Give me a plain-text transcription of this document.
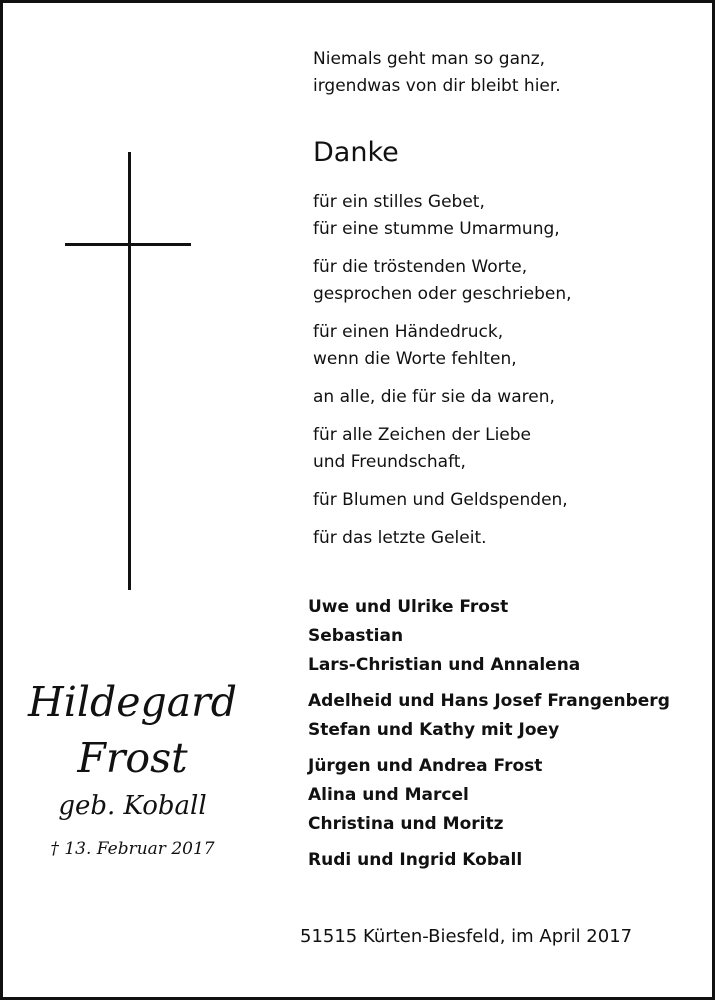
Niemals geht man so ganz,
irgendwas von dir bleibt hier.
Danke
für ein stilles Gebet,
für eine stumme Umarmung,
für die tröstenden Worte,
gesprochen oder geschrieben,
für einen Händedruck,
wenn die Worte fehlten,
an alle, die für sie da waren,
für alle Zeichen der Liebe
und Freundschaft,
für Blumen und Geldspenden,
für das letzte Geleit.
Hildegard
Frost
geb. Koball
† 13. Februar 2017
Uwe und Ulrike Frost
Sebastian
Lars-Christian und Annalena
Adelheid und Hans Josef Frangenberg
Stefan und Kathy mit Joey
Jürgen und Andrea Frost
Alina und Marcel
Christina und Moritz
Rudi und Ingrid Koball
51515 Kürten-Biesfeld, im April 2017
